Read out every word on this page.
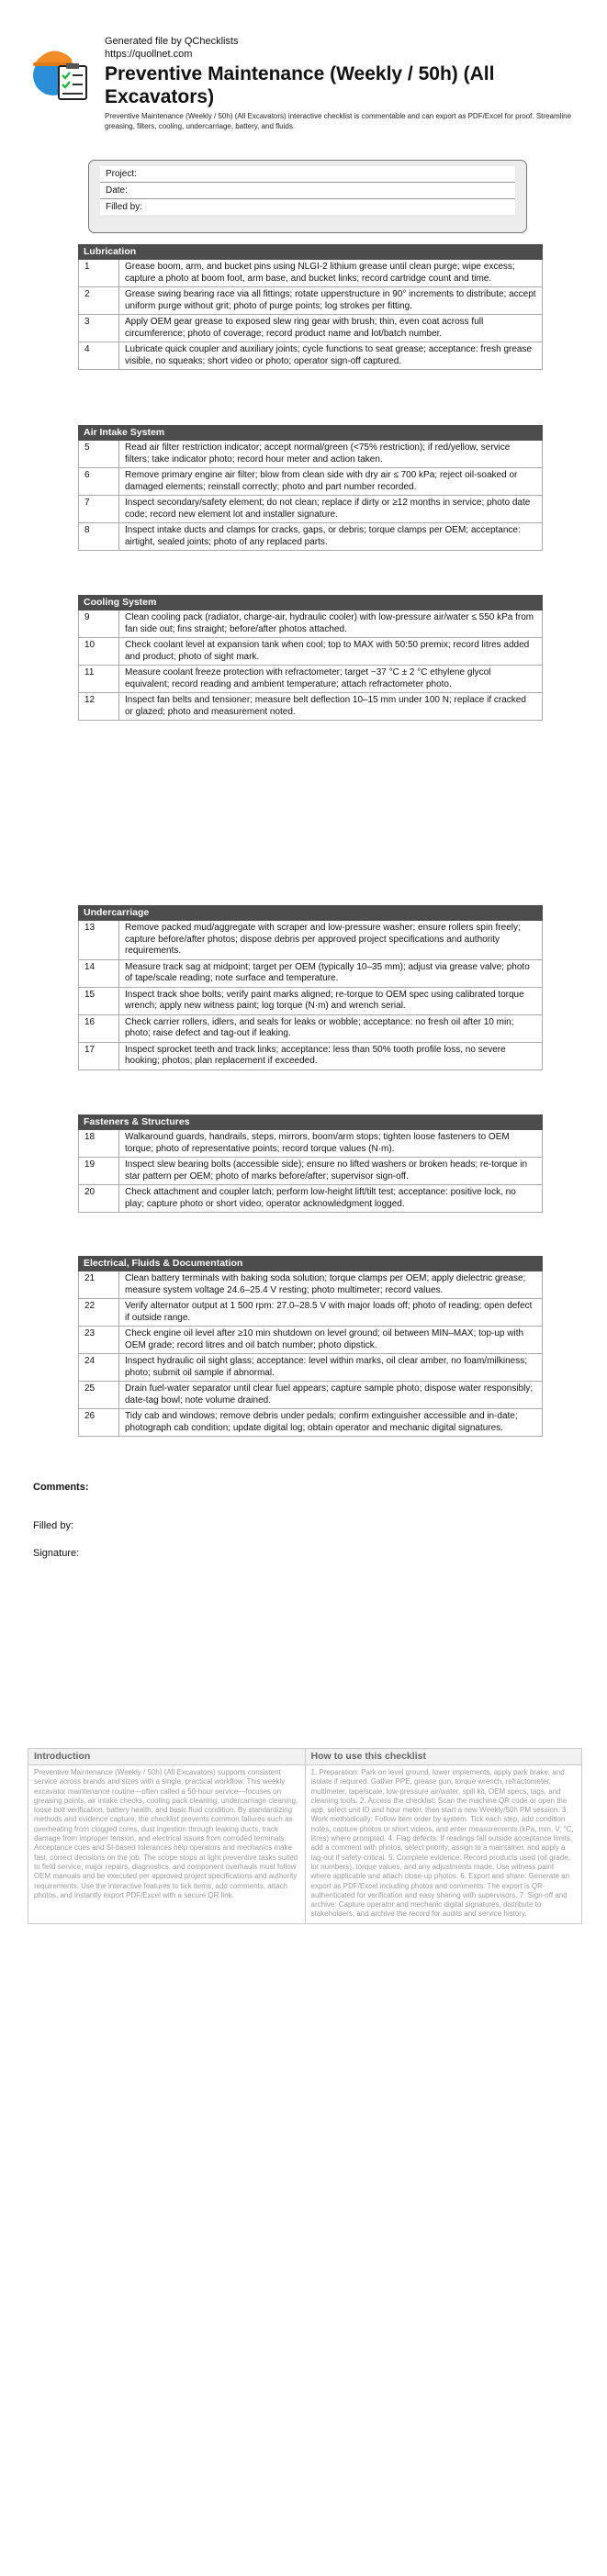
Generated file by QChecklists
https://quollnet.com
Preventive Maintenance (Weekly / 50h) (All Excavators)
Preventive Maintenance (Weekly / 50h) (All Excavators) interactive checklist is commentable and can export as PDF/Excel for proof. Streamline greasing, filters, cooling, undercarriage, battery, and fluids.
Project:
Date:
Filled by:
Lubrication
1	Grease boom, arm, and bucket pins using NLGI-2 lithium grease until clean purge; wipe excess; capture a photo at boom foot, arm base, and bucket links; record cartridge count and time.
2	Grease swing bearing race via all fittings; rotate upperstructure in 90° increments to distribute; accept uniform purge without grit; photo of purge points; log strokes per fitting.
3	Apply OEM gear grease to exposed slew ring gear with brush; thin, even coat across full circumference; photo of coverage; record product name and lot/batch number.
4	Lubricate quick coupler and auxiliary joints; cycle functions to seat grease; acceptance: fresh grease visible, no squeaks; short video or photo; operator sign-off captured.
Air Intake System
5	Read air filter restriction indicator; accept normal/green (<75% restriction); if red/yellow, service filters; take indicator photo; record hour meter and action taken.
6	Remove primary engine air filter; blow from clean side with dry air ≤ 700 kPa; reject oil-soaked or damaged elements; reinstall correctly; photo and part number recorded.
7	Inspect secondary/safety element; do not clean; replace if dirty or ≥12 months in service; photo date code; record new element lot and installer signature.
8	Inspect intake ducts and clamps for cracks, gaps, or debris; torque clamps per OEM; acceptance: airtight, sealed joints; photo of any replaced parts.
Cooling System
9	Clean cooling pack (radiator, charge-air, hydraulic cooler) with low-pressure air/water ≤ 550 kPa from fan side out; fins straight; before/after photos attached.
10	Check coolant level at expansion tank when cool; top to MAX with 50:50 premix; record litres added and product; photo of sight mark.
11	Measure coolant freeze protection with refractometer; target −37 °C ± 2 °C ethylene glycol equivalent; record reading and ambient temperature; attach refractometer photo.
12	Inspect fan belts and tensioner; measure belt deflection 10–15 mm under 100 N; replace if cracked or glazed; photo and measurement noted.
Undercarriage
13	Remove packed mud/aggregate with scraper and low-pressure washer; ensure rollers spin freely; capture before/after photos; dispose debris per approved project specifications and authority requirements.
14	Measure track sag at midpoint; target per OEM (typically 10–35 mm); adjust via grease valve; photo of tape/scale reading; note surface and temperature.
15	Inspect track shoe bolts; verify paint marks aligned; re-torque to OEM spec using calibrated torque wrench; apply new witness paint; log torque (N·m) and wrench serial.
16	Check carrier rollers, idlers, and seals for leaks or wobble; acceptance: no fresh oil after 10 min; photo; raise defect and tag-out if leaking.
17	Inspect sprocket teeth and track links; acceptance: less than 50% tooth profile loss, no severe hooking; photos; plan replacement if exceeded.
Fasteners & Structures
18	Walkaround guards, handrails, steps, mirrors, boom/arm stops; tighten loose fasteners to OEM torque; photo of representative points; record torque values (N·m).
19	Inspect slew bearing bolts (accessible side); ensure no lifted washers or broken heads; re-torque in star pattern per OEM; photo of marks before/after; supervisor sign-off.
20	Check attachment and coupler latch; perform low-height lift/tilt test; acceptance: positive lock, no play; capture photo or short video; operator acknowledgment logged.
Electrical, Fluids & Documentation
21	Clean battery terminals with baking soda solution; torque clamps per OEM; apply dielectric grease; measure system voltage 24.6–25.4 V resting; photo multimeter; record values.
22	Verify alternator output at 1 500 rpm: 27.0–28.5 V with major loads off; photo of reading; open defect if outside range.
23	Check engine oil level after ≥10 min shutdown on level ground; oil between MIN–MAX; top-up with OEM grade; record litres and oil batch number; photo dipstick.
24	Inspect hydraulic oil sight glass; acceptance: level within marks, oil clear amber, no foam/milkiness; photo; submit oil sample if abnormal.
25	Drain fuel-water separator until clear fuel appears; capture sample photo; dispose water responsibly; date-tag bowl; note volume drained.
26	Tidy cab and windows; remove debris under pedals; confirm extinguisher accessible and in-date; photograph cab condition; update digital log; obtain operator and mechanic digital signatures.
Comments:
Filled by:
Signature:
Introduction
Preventive Maintenance (Weekly / 50h) (All Excavators) supports consistent service across brands and sizes with a single, practical workflow. This weekly excavator maintenance routine—often called a 50-hour service—focuses on greasing points, air intake checks, cooling pack cleaning, undercarriage cleaning, loose bolt verification, battery health, and basic fluid condition. By standardizing methods and evidence capture, the checklist prevents common failures such as overheating from clogged cores, dust ingestion through leaking ducts, track damage from improper tension, and electrical issues from corroded terminals. Acceptance cues and SI-based tolerances help operators and mechanics make fast, correct decisions on the job. The scope stops at light preventive tasks suited to field service; major repairs, diagnostics, and component overhauls must follow OEM manuals and be executed per approved project specifications and authority requirements. Use the interactive features to tick items, add comments, attach photos, and instantly export PDF/Excel with a secure QR link.
How to use this checklist
1. Preparation: Park on level ground, lower implements, apply park brake, and isolate if required. Gather PPE, grease gun, torque wrench, refractometer, multimeter, tape/scale, low-pressure air/water, spill kit, OEM specs, tags, and cleaning tools. 2. Access the checklist: Scan the machine QR code or open the app, select unit ID and hour meter, then start a new Weekly/50h PM session. 3. Work methodically: Follow item order by system. Tick each step, add condition notes, capture photos or short videos, and enter measurements (kPa, mm, V, °C, litres) where prompted. 4. Flag defects: If readings fall outside acceptance limits, add a comment with photos, select priority, assign to a maintainer, and apply a tag-out if safety-critical. 5. Complete evidence: Record products used (oil grade, lot numbers), torque values, and any adjustments made. Use witness paint where applicable and attach close-up photos. 6. Export and share: Generate an export as PDF/Excel including photos and comments. The export is QR-authenticated for verification and easy sharing with supervisors. 7. Sign-off and archive: Capture operator and mechanic digital signatures, distribute to stakeholders, and archive the record for audits and service history.
